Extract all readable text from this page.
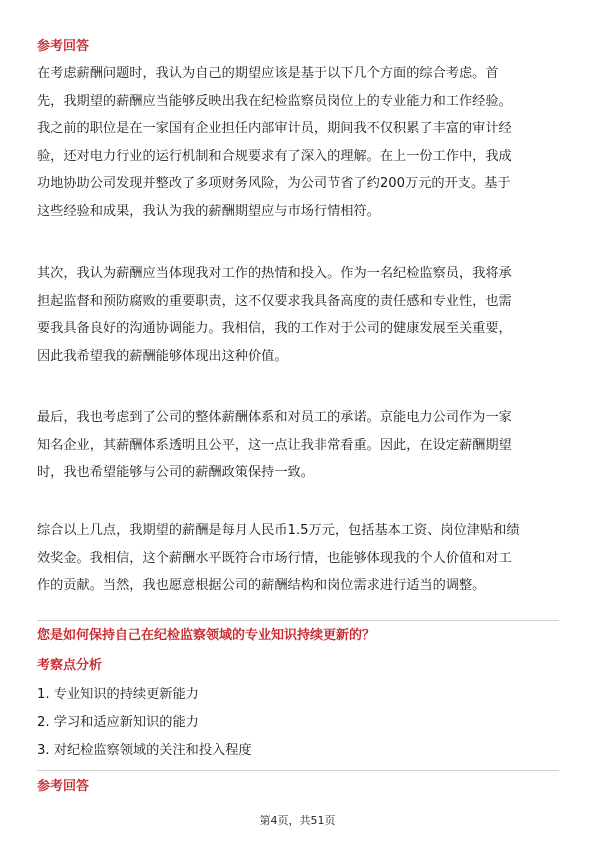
参考回答
在考虑薪酬问题时，我认为自己的期望应该是基于以下几个方面的综合考虑。首
先，我期望的薪酬应当能够反映出我在纪检监察员岗位上的专业能力和工作经验。
我之前的职位是在一家国有企业担任内部审计员，期间我不仅积累了丰富的审计经
验，还对电力行业的运行机制和合规要求有了深入的理解。在上一份工作中，我成
功地协助公司发现并整改了多项财务风险，为公司节省了约200万元的开支。基于
这些经验和成果，我认为我的薪酬期望应与市场行情相符。
其次，我认为薪酬应当体现我对工作的热情和投入。作为一名纪检监察员，我将承
担起监督和预防腐败的重要职责，这不仅要求我具备高度的责任感和专业性，也需
要我具备良好的沟通协调能力。我相信，我的工作对于公司的健康发展至关重要，
因此我希望我的薪酬能够体现出这种价值。
最后，我也考虑到了公司的整体薪酬体系和对员工的承诺。京能电力公司作为一家
知名企业，其薪酬体系透明且公平，这一点让我非常看重。因此，在设定薪酬期望
时，我也希望能够与公司的薪酬政策保持一致。
综合以上几点，我期望的薪酬是每月人民币1.5万元，包括基本工资、岗位津贴和绩
效奖金。我相信，这个薪酬水平既符合市场行情，也能够体现我的个人价值和对工
作的贡献。当然，我也愿意根据公司的薪酬结构和岗位需求进行适当的调整。
您是如何保持自己在纪检监察领域的专业知识持续更新的？
考察点分析
1. 专业知识的持续更新能力
2. 学习和适应新知识的能力
3. 对纪检监察领域的关注和投入程度
参考回答
第4页，共51页
